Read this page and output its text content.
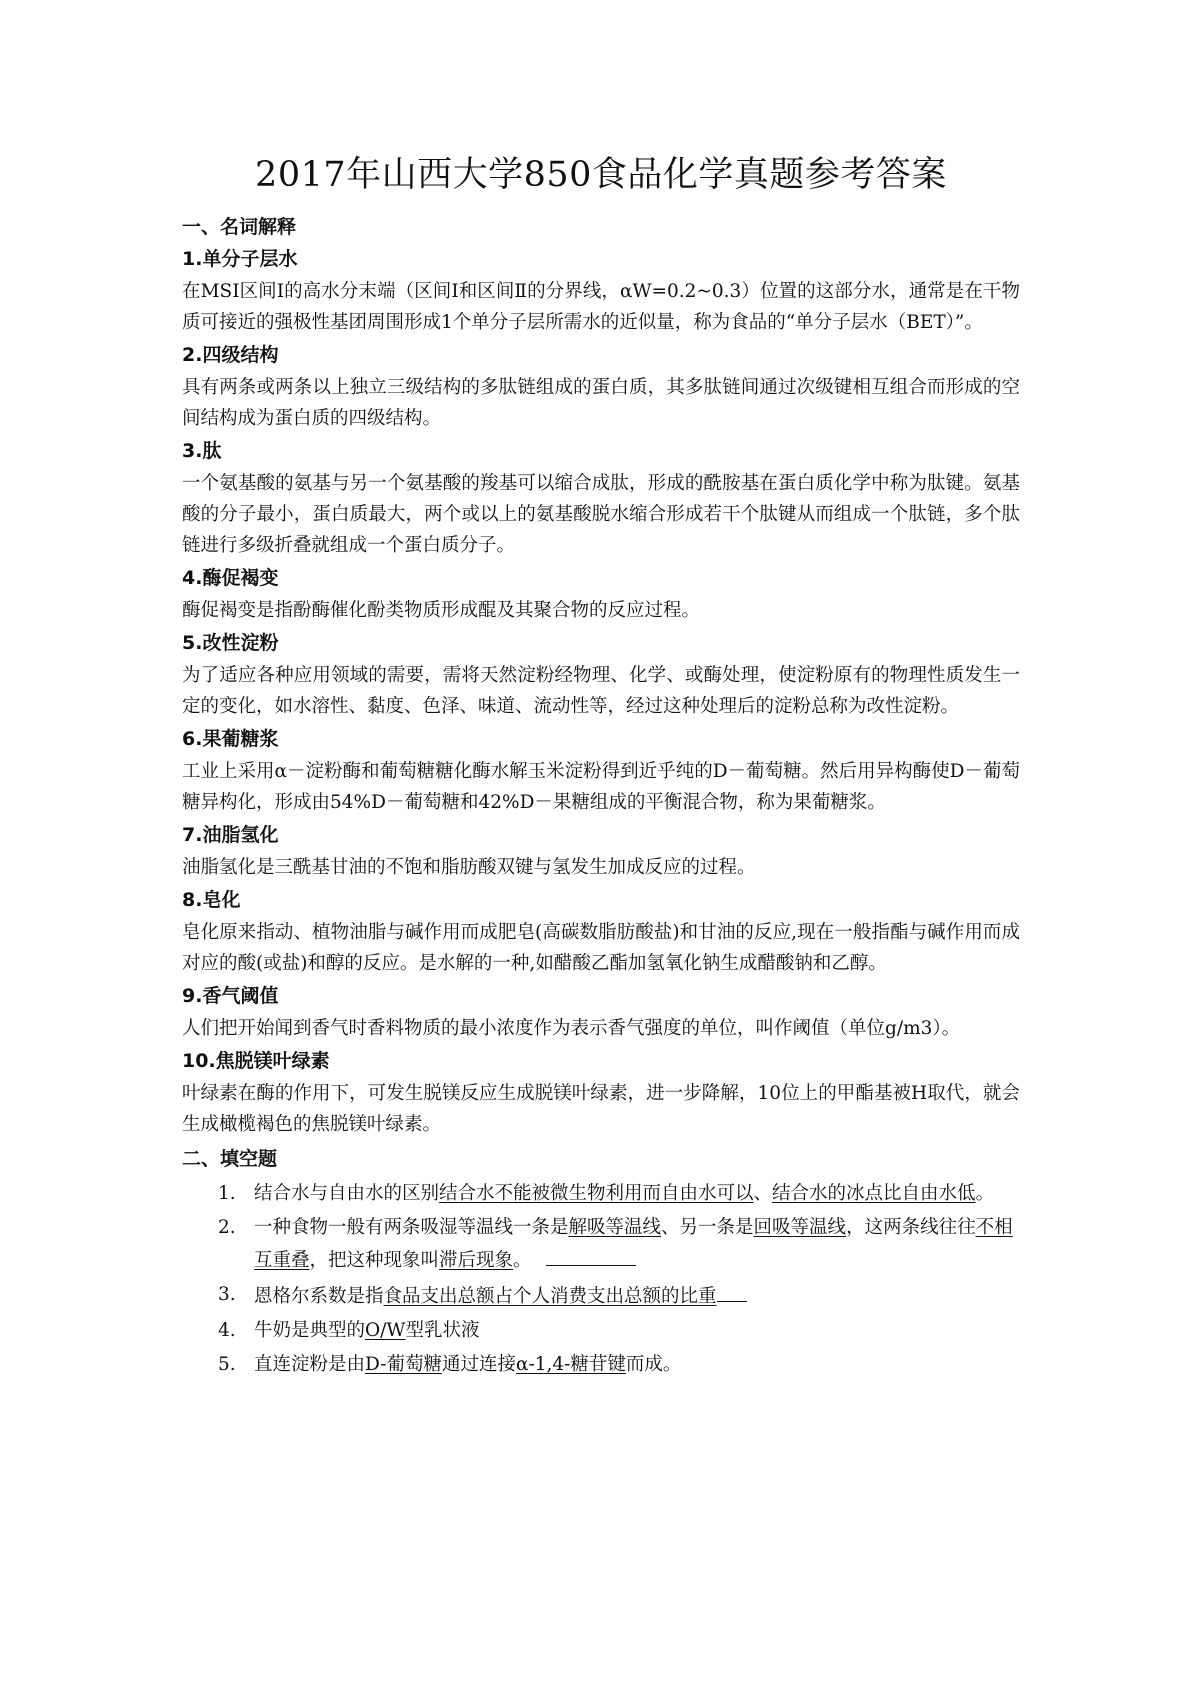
2017年山西大学850食品化学真题参考答案
一、名词解释
1.单分子层水

在MSI区间Ⅰ的高水分末端（区间Ⅰ和区间Ⅱ的分界线，αW=0.2~0.3）位置的这部分水，通常是在干物质可接近的强极性基团周围形成1个单分子层所需水的近似量，称为食品的“单分子层水（BET）”。

2.四级结构

具有两条或两条以上独立三级结构的多肽链组成的蛋白质，其多肽链间通过次级键相互组合而形成的空间结构成为蛋白质的四级结构。

3.肽

一个氨基酸的氨基与另一个氨基酸的羧基可以缩合成肽，形成的酰胺基在蛋白质化学中称为肽键。氨基酸的分子最小，蛋白质最大，两个或以上的氨基酸脱水缩合形成若干个肽键从而组成一个肽链，多个肽链进行多级折叠就组成一个蛋白质分子。

4.酶促褐变

酶促褐变是指酚酶催化酚类物质形成醌及其聚合物的反应过程。

5.改性淀粉

为了适应各种应用领域的需要，需将天然淀粉经物理、化学、或酶处理，使淀粉原有的物理性质发生一定的变化，如水溶性、黏度、色泽、味道、流动性等，经过这种处理后的淀粉总称为改性淀粉。

6.果葡糖浆

工业上采用α－淀粉酶和葡萄糖糖化酶水解玉米淀粉得到近乎纯的D－葡萄糖。然后用异构酶使D－葡萄糖异构化，形成由54%D－葡萄糖和42%D－果糖组成的平衡混合物，称为果葡糖浆。

7.油脂氢化

油脂氢化是三酰基甘油的不饱和脂肪酸双键与氢发生加成反应的过程。

8.皂化

皂化原来指动、植物油脂与碱作用而成肥皂(高碳数脂肪酸盐)和甘油的反应,现在一般指酯与碱作用而成对应的酸(或盐)和醇的反应。是水解的一种,如醋酸乙酯加氢氧化钠生成醋酸钠和乙醇。

9.香气阈值

人们把开始闻到香气时香料物质的最小浓度作为表示香气强度的单位，叫作阈值（单位g/m3）。

10.焦脱镁叶绿素

叶绿素在酶的作用下，可发生脱镁反应生成脱镁叶绿素，进一步降解，10位上的甲酯基被H取代，就会生成橄榄褐色的焦脱镁叶绿素。

二、填空题
1. 结合水与自由水的区别结合水不能被微生物利用而自由水可以、结合水的冰点比自由水低。
2. 一种食物一般有两条吸湿等温线一条是解吸等温线、另一条是回吸等温线，这两条线往往不相互重叠，把这种现象叫滞后现象。
3. 恩格尔系数是指食品支出总额占个人消费支出总额的比重
4. 牛奶是典型的O/W型乳状液
5. 直连淀粉是由D-葡萄糖通过连接α-1,4-糖苷键而成。
